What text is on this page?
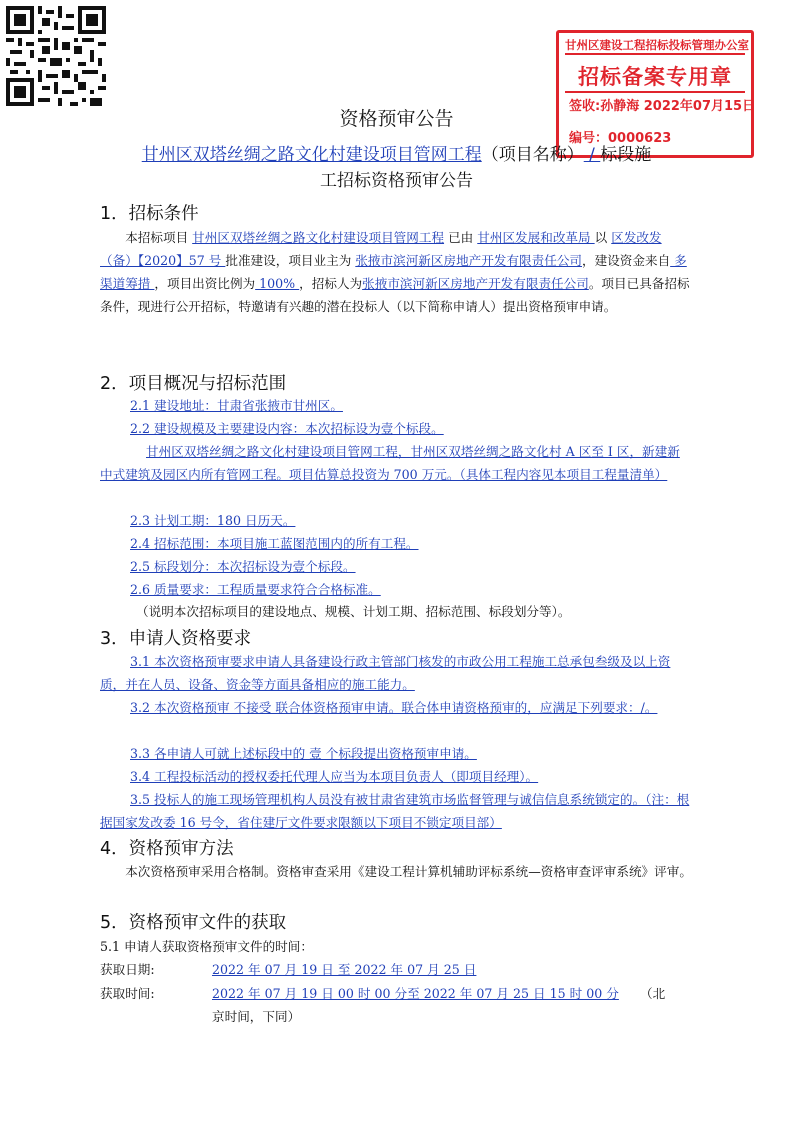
甘州区建设工程招标投标管理办公室
招标备案专用章
签收:孙静海 2022年07月15日
编号：0000623
资格预审公告
甘州区双塔丝绸之路文化村建设项目管网工程（项目名称） / 标段施
工招标资格预审公告
1．招标条件
本招标项目 甘州区双塔丝绸之路文化村建设项目管网工程 已由 甘州区发展和改革局 以 区发改发（备）【2020】57 号 批准建设，项目业主为 张掖市滨河新区房地产开发有限责任公司，建设资金来自 多渠道筹措 ，项目出资比例为 100% ，招标人为张掖市滨河新区房地产开发有限责任公司。项目已具备招标条件，现进行公开招标，特邀请有兴趣的潜在投标人（以下简称申请人）提出资格预审申请。
2．项目概况与招标范围
2.1 建设地址：甘肃省张掖市甘州区。
2.2 建设规模及主要建设内容：本次招标设为壹个标段。
甘州区双塔丝绸之路文化村建设项目管网工程，甘州区双塔丝绸之路文化村 A 区至 I 区，新建新中式建筑及园区内所有管网工程。项目估算总投资为 700 万元。（具体工程内容见本项目工程量清单）
2.3 计划工期：180 日历天。
2.4 招标范围：本项目施工蓝图范围内的所有工程。
2.5 标段划分：本次招标设为壹个标段。
2.6 质量要求：工程质量要求符合合格标准。
（说明本次招标项目的建设地点、规模、计划工期、招标范围、标段划分等）。
3．申请人资格要求
3.1 本次资格预审要求申请人具备建设行政主管部门核发的市政公用工程施工总承包叁级及以上资质，并在人员、设备、资金等方面具备相应的施工能力。
3.2 本次资格预审 不接受 联合体资格预审申请。联合体申请资格预审的，应满足下列要求：/。
3.3 各申请人可就上述标段中的 壹 个标段提出资格预审申请。
3.4 工程投标活动的授权委托代理人应当为本项目负责人（即项目经理）。
3.5 投标人的施工现场管理机构人员没有被甘肃省建筑市场监督管理与诚信信息系统锁定的。（注：根据国家发改委 16 号令，省住建厅文件要求限额以下项目不锁定项目部）
4．资格预审方法
本次资格预审采用合格制。资格审查采用《建设工程计算机辅助评标系统—资格审查评审系统》评审。
5．资格预审文件的获取
5.1 申请人获取资格预审文件的时间：
获取日期:	2022 年 07 月 19 日 至 2022 年 07 月 25 日
获取时间:	2022 年 07 月 19 日 00 时 00 分至 2022 年 07 月 25 日 15 时 00 分 （北
京时间，下同）
